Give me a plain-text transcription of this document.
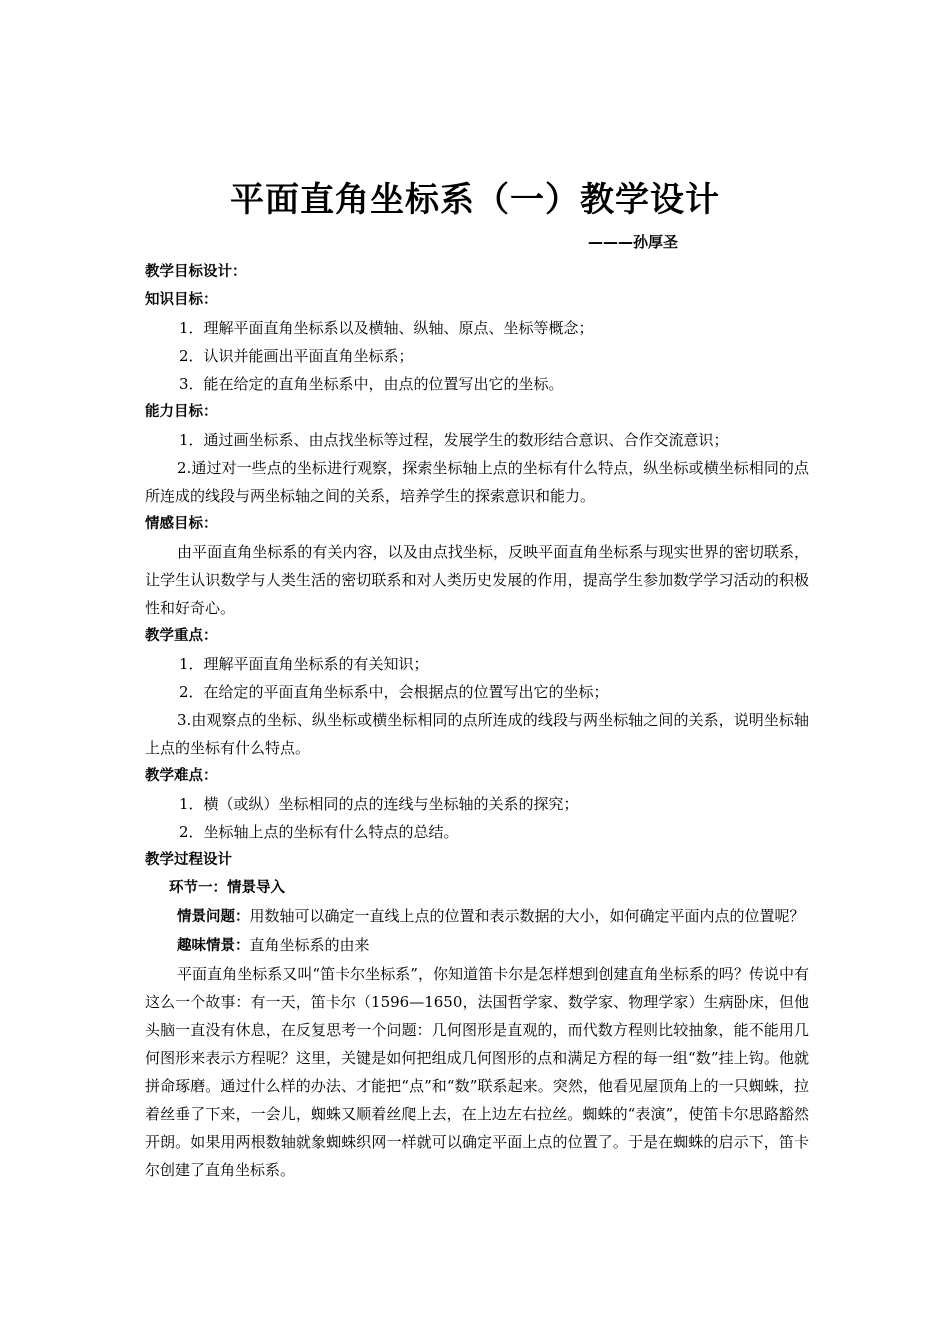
平面直角坐标系（一）教学设计
———孙厚圣

教学目标设计：

知识目标：

1．理解平面直角坐标系以及横轴、纵轴、原点、坐标等概念；

2．认识并能画出平面直角坐标系；

3．能在给定的直角坐标系中，由点的位置写出它的坐标。

能力目标：

1．通过画坐标系、由点找坐标等过程，发展学生的数形结合意识、合作交流意识；

2.通过对一些点的坐标进行观察，探索坐标轴上点的坐标有什么特点，纵坐标或横坐标相同的点所连成的线段与两坐标轴之间的关系，培养学生的探索意识和能力。

情感目标：

由平面直角坐标系的有关内容，以及由点找坐标，反映平面直角坐标系与现实世界的密切联系，让学生认识数学与人类生活的密切联系和对人类历史发展的作用，提高学生参加数学学习活动的积极性和好奇心。

教学重点：

1．理解平面直角坐标系的有关知识；

2．在给定的平面直角坐标系中，会根据点的位置写出它的坐标；

3.由观察点的坐标、纵坐标或横坐标相同的点所连成的线段与两坐标轴之间的关系，说明坐标轴上点的坐标有什么特点。

教学难点：

1．横（或纵）坐标相同的点的连线与坐标轴的关系的探究；

2．坐标轴上点的坐标有什么特点的总结。

教学过程设计

环节一：情景导入

情景问题：用数轴可以确定一直线上点的位置和表示数据的大小，如何确定平面内点的位置呢？

趣味情景：直角坐标系的由来

平面直角坐标系又叫“笛卡尔坐标系”，你知道笛卡尔是怎样想到创建直角坐标系的吗？传说中有这么一个故事：有一天，笛卡尔（1596—1650，法国哲学家、数学家、物理学家）生病卧床，但他头脑一直没有休息，在反复思考一个问题：几何图形是直观的，而代数方程则比较抽象，能不能用几何图形来表示方程呢？这里，关键是如何把组成几何图形的点和满足方程的每一组“数”挂上钩。他就拼命琢磨。通过什么样的办法、才能把“点”和“数”联系起来。突然，他看见屋顶角上的一只蜘蛛，拉着丝垂了下来，一会儿，蜘蛛又顺着丝爬上去，在上边左右拉丝。蜘蛛的“表演”，使笛卡尔思路豁然开朗。如果用两根数轴就象蜘蛛织网一样就可以确定平面上点的位置了。于是在蜘蛛的启示下，笛卡尔创建了直角坐标系。
